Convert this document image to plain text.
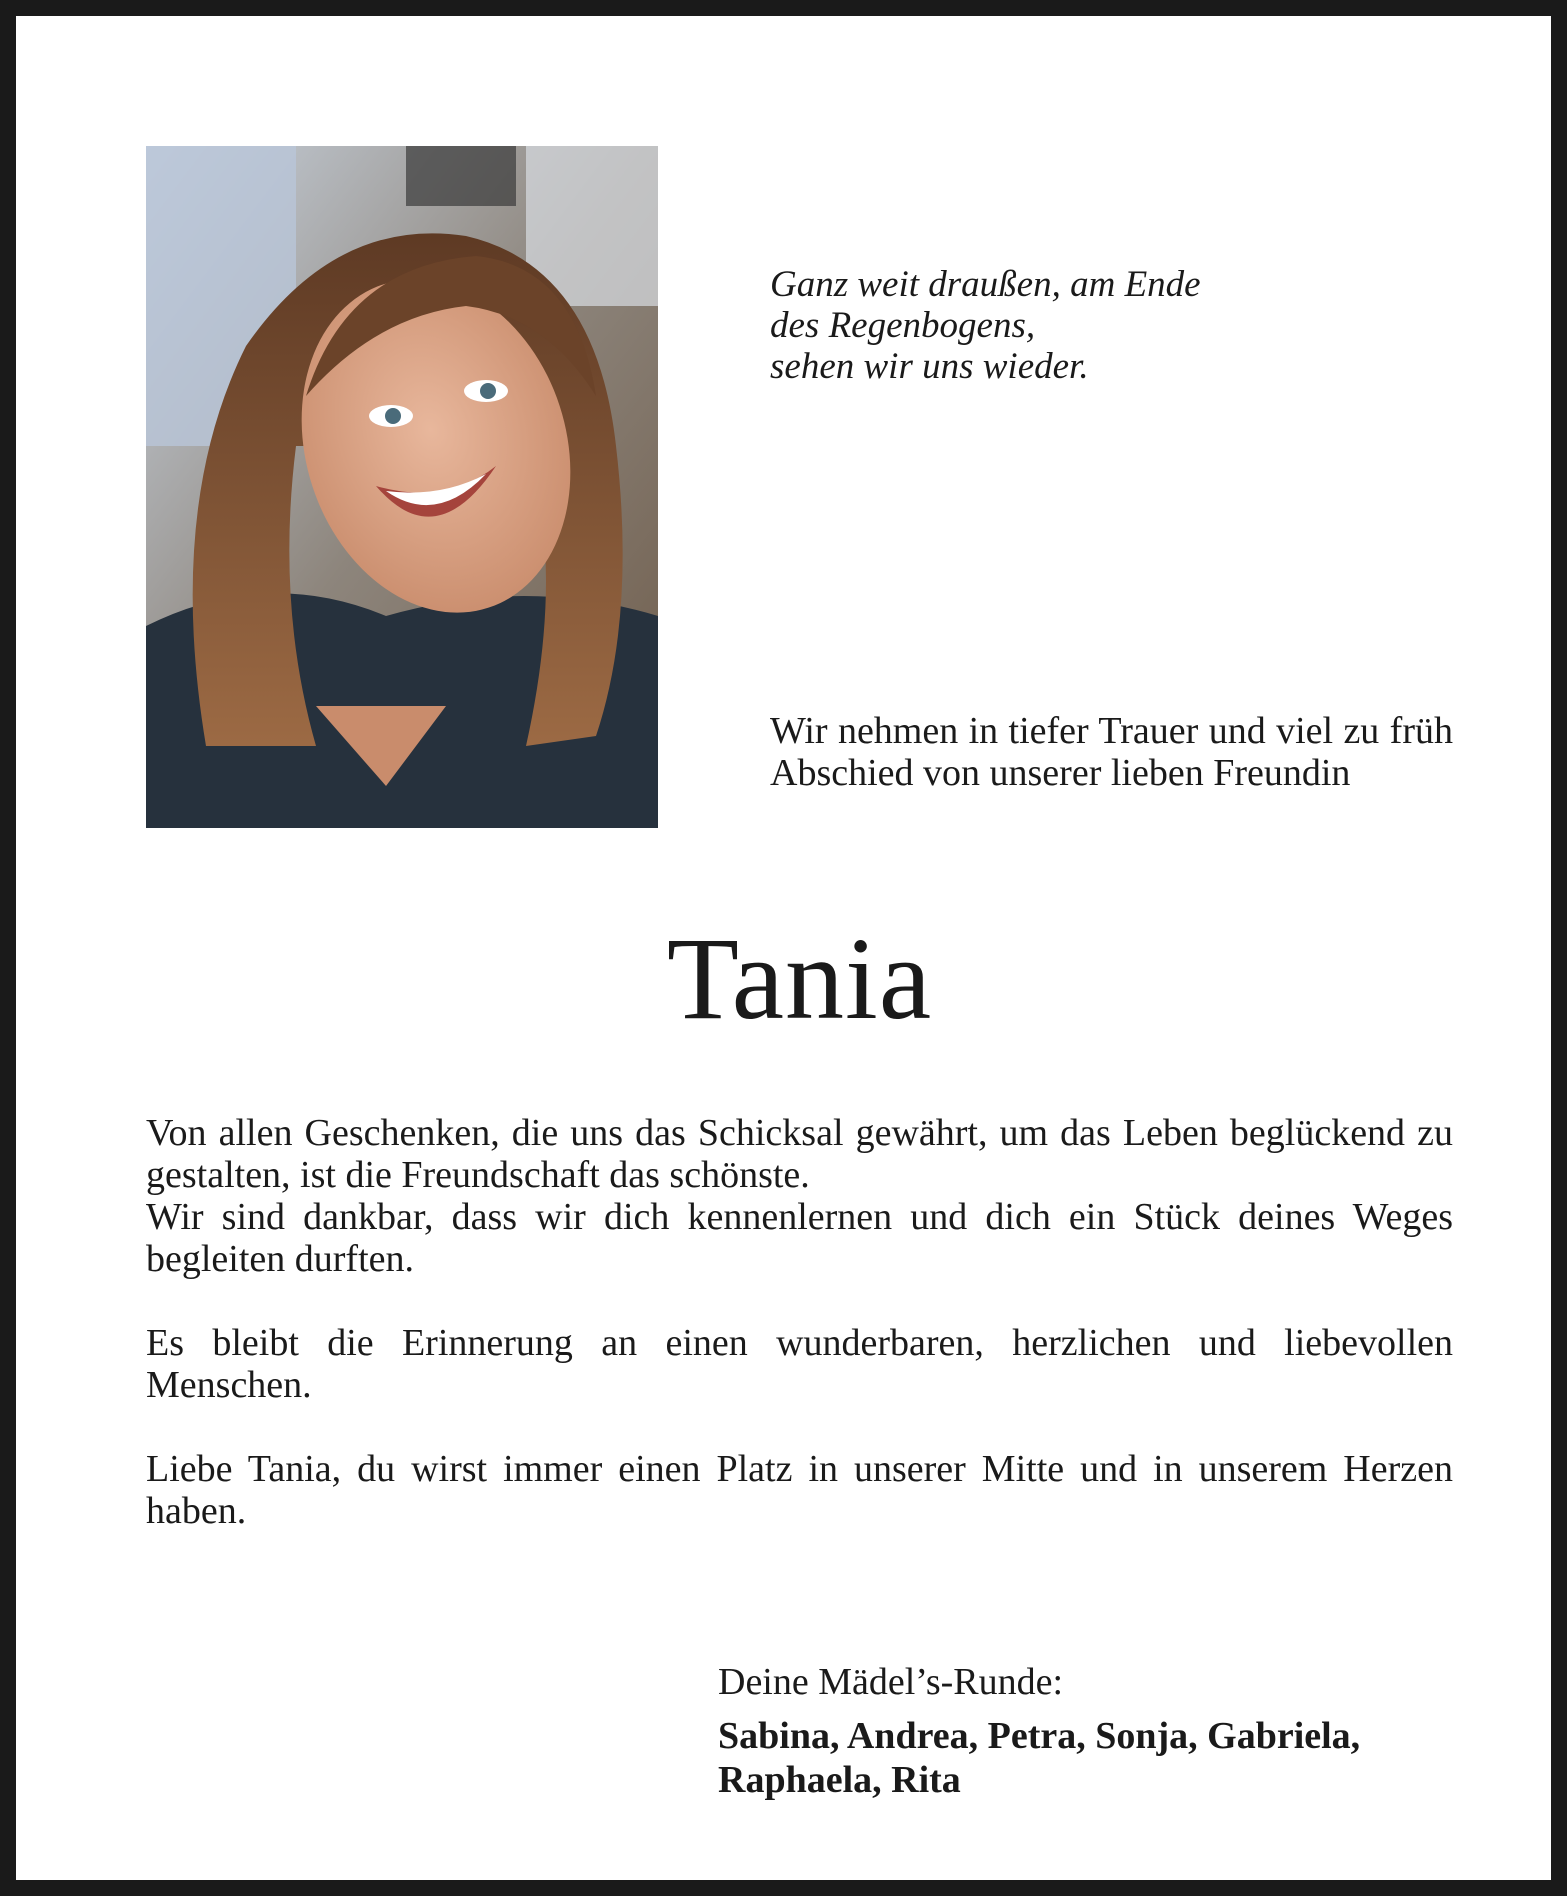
Ganz weit draußen, am Ende
des Regenbogens,
sehen wir uns wieder.
Wir nehmen in tiefer Trauer und viel zu früh Abschied von unserer lieben Freundin
Tania

Von allen Geschenken, die uns das Schicksal gewährt, um das Leben beglückend zu gestalten, ist die Freundschaft das schönste.
Wir sind dankbar, dass wir dich kennenlernen und dich ein Stück deines Weges begleiten durften.

Es bleibt die Erinnerung an einen wunderbaren, herzlichen und liebevollen Menschen.

Liebe Tania, du wirst immer einen Platz in unserer Mitte und in unserem Herzen haben.

Deine Mädel’s-Runde:
Sabina, Andrea, Petra, Sonja, Gabriela,
Raphaela, Rita
